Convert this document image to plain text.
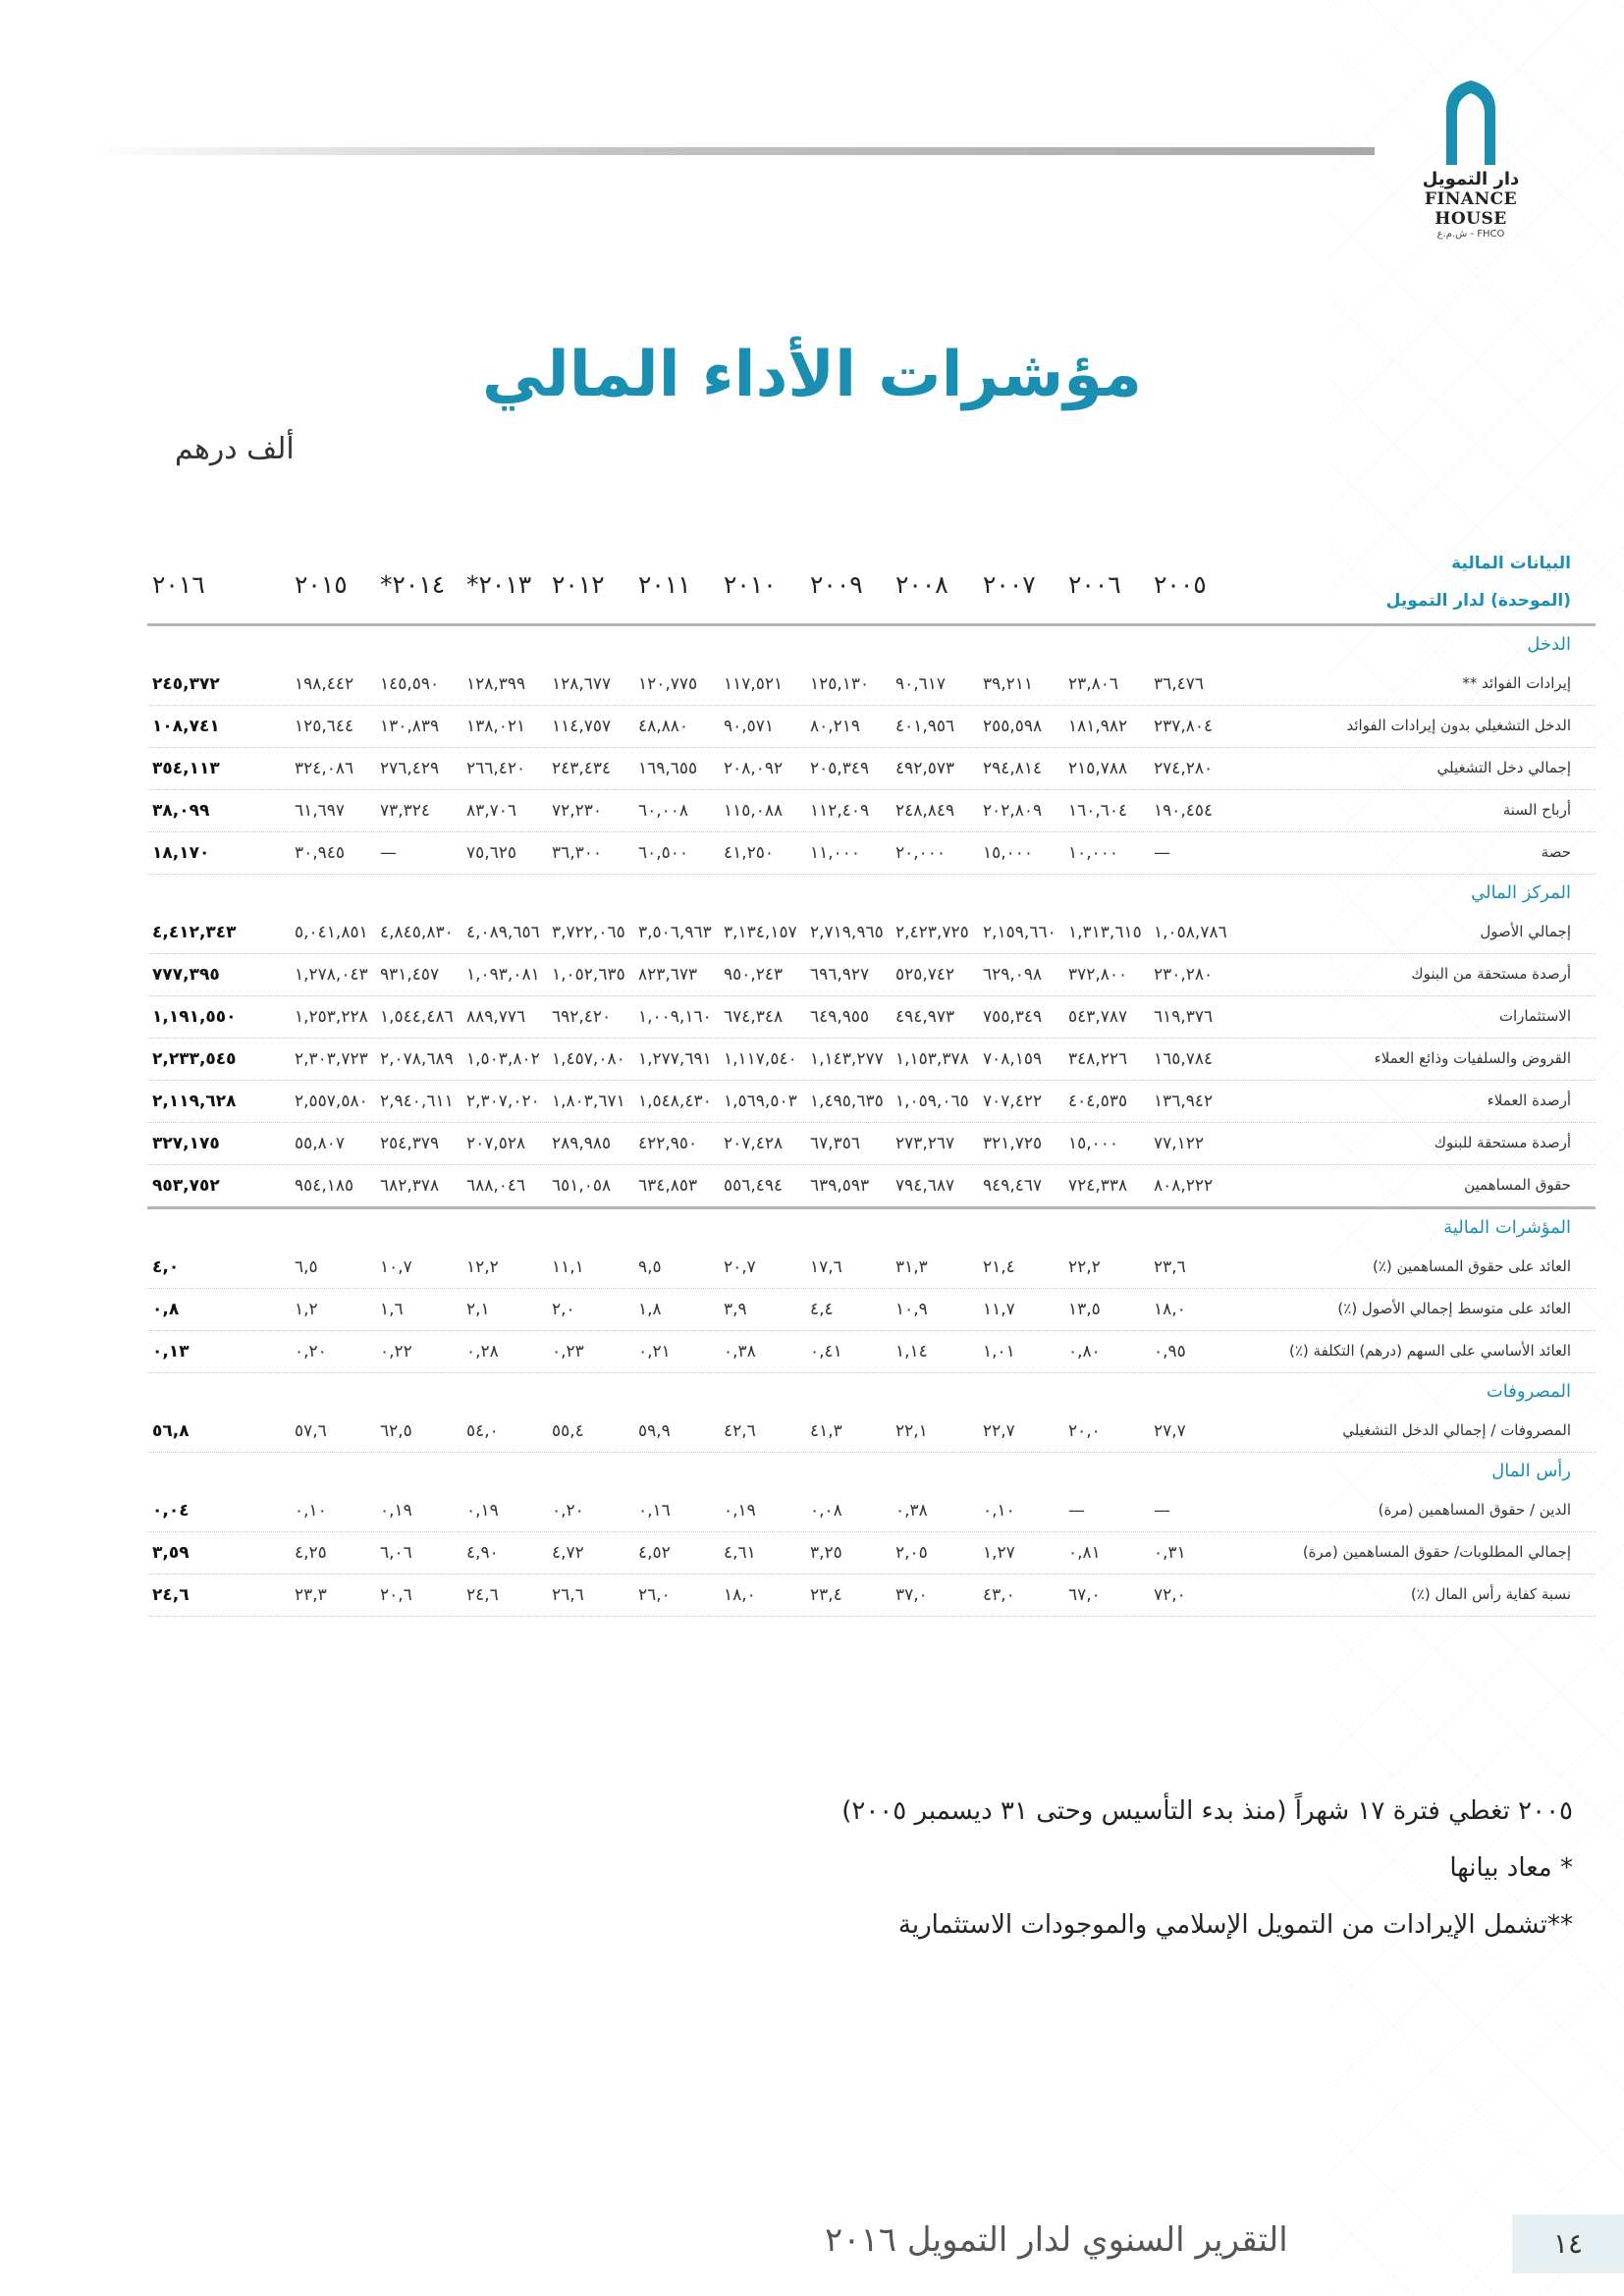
دار التمويل
FINANCE HOUSE
ش.م.ع - FHCO
مؤشرات الأداء المالي
ألف درهم
البيانات المالية
(الموحدة) لدار التمويل
٢٠٠٥
٢٠٠٦
٢٠٠٧
٢٠٠٨
٢٠٠٩
٢٠١٠
٢٠١١
٢٠١٢
٢٠١٣*
٢٠١٤*
٢٠١٥
٢٠١٦
الدخل
إيرادات الفوائد **
٣٦,٤٧٦
٢٣,٨٠٦
٣٩,٢١١
٩٠,٦١٧
١٢٥,١٣٠
١١٧,٥٢١
١٢٠,٧٧٥
١٢٨,٦٧٧
١٢٨,٣٩٩
١٤٥,٥٩٠
١٩٨,٤٤٢
٢٤٥,٣٧٢
الدخل التشغيلي بدون إيرادات الفوائد
٢٣٧,٨٠٤
١٨١,٩٨٢
٢٥٥,٥٩٨
٤٠١,٩٥٦
٨٠,٢١٩
٩٠,٥٧١
٤٨,٨٨٠
١١٤,٧٥٧
١٣٨,٠٢١
١٣٠,٨٣٩
١٢٥,٦٤٤
١٠٨,٧٤١
إجمالي دخل التشغيلي
٢٧٤,٢٨٠
٢١٥,٧٨٨
٢٩٤,٨١٤
٤٩٢,٥٧٣
٢٠٥,٣٤٩
٢٠٨,٠٩٢
١٦٩,٦٥٥
٢٤٣,٤٣٤
٢٦٦,٤٢٠
٢٧٦,٤٢٩
٣٢٤,٠٨٦
٣٥٤,١١٣
أرباح السنة
١٩٠,٤٥٤
١٦٠,٦٠٤
٢٠٢,٨٠٩
٢٤٨,٨٤٩
١١٢,٤٠٩
١١٥,٠٨٨
٦٠,٠٠٨
٧٢,٢٣٠
٨٣,٧٠٦
٧٣,٣٢٤
٦١,٦٩٧
٣٨,٠٩٩
حصة
—
١٠,٠٠٠
١٥,٠٠٠
٢٠,٠٠٠
١١,٠٠٠
٤١,٢٥٠
٦٠,٥٠٠
٣٦,٣٠٠
٧٥,٦٢٥
—
٣٠,٩٤٥
١٨,١٧٠
المركز المالي
إجمالي الأصول
١,٠٥٨,٧٨٦
١,٣١٣,٦١٥
٢,١٥٩,٦٦٠
٢,٤٢٣,٧٢٥
٢,٧١٩,٩٦٥
٣,١٣٤,١٥٧
٣,٥٠٦,٩٦٣
٣,٧٢٢,٠٦٥
٤,٠٨٩,٦٥٦
٤,٨٤٥,٨٣٠
٥,٠٤١,٨٥١
٤,٤١٢,٣٤٣
أرصدة مستحقة من البنوك
٢٣٠,٢٨٠
٣٧٢,٨٠٠
٦٢٩,٠٩٨
٥٢٥,٧٤٢
٦٩٦,٩٢٧
٩٥٠,٢٤٣
٨٢٣,٦٧٣
١,٠٥٢,٦٣٥
١,٠٩٣,٠٨١
٩٣١,٤٥٧
١,٢٧٨,٠٤٣
٧٧٧,٣٩٥
الاستثمارات
٦١٩,٣٧٦
٥٤٣,٧٨٧
٧٥٥,٣٤٩
٤٩٤,٩٧٣
٦٤٩,٩٥٥
٦٧٤,٣٤٨
١,٠٠٩,١٦٠
٦٩٢,٤٢٠
٨٨٩,٧٧٦
١,٥٤٤,٤٨٦
١,٢٥٣,٢٢٨
١,١٩١,٥٥٠
القروض والسلفيات وذائع العملاء
١٦٥,٧٨٤
٣٤٨,٢٢٦
٧٠٨,١٥٩
١,١٥٣,٣٧٨
١,١٤٣,٢٧٧
١,١١٧,٥٤٠
١,٢٧٧,٦٩١
١,٤٥٧,٠٨٠
١,٥٠٣,٨٠٢
٢,٠٧٨,٦٨٩
٢,٣٠٣,٧٢٣
٢,٢٣٣,٥٤٥
أرصدة العملاء
١٣٦,٩٤٢
٤٠٤,٥٣٥
٧٠٧,٤٢٢
١,٠٥٩,٠٦٥
١,٤٩٥,٦٣٥
١,٥٦٩,٥٠٣
١,٥٤٨,٤٣٠
١,٨٠٣,٦٧١
٢,٣٠٧,٠٢٠
٢,٩٤٠,٦١١
٢,٥٥٧,٥٨٠
٢,١١٩,٦٢٨
أرصدة مستحقة للبنوك
٧٧,١٢٢
١٥,٠٠٠
٣٢١,٧٢٥
٢٧٣,٢٦٧
٦٧,٣٥٦
٢٠٧,٤٢٨
٤٢٢,٩٥٠
٢٨٩,٩٨٥
٢٠٧,٥٢٨
٢٥٤,٣٧٩
٥٥,٨٠٧
٣٢٧,١٧٥
حقوق المساهمين
٨٠٨,٢٢٢
٧٢٤,٣٣٨
٩٤٩,٤٦٧
٧٩٤,٦٨٧
٦٣٩,٥٩٣
٥٥٦,٤٩٤
٦٣٤,٨٥٣
٦٥١,٠٥٨
٦٨٨,٠٤٦
٦٨٢,٣٧٨
٩٥٤,١٨٥
٩٥٣,٧٥٢
المؤشرات المالية
العائد على حقوق المساهمين (٪)
٢٣,٦
٢٢,٢
٢١,٤
٣١,٣
١٧,٦
٢٠,٧
٩,٥
١١,١
١٢,٢
١٠,٧
٦,٥
٤,٠
العائد على متوسط إجمالي الأصول (٪)
١٨,٠
١٣,٥
١١,٧
١٠,٩
٤,٤
٣,٩
١,٨
٢,٠
٢,١
١,٦
١,٢
٠,٨
العائد الأساسي على السهم (درهم) التكلفة (٪)
٠,٩٥
٠,٨٠
١,٠١
١,١٤
٠,٤١
٠,٣٨
٠,٢١
٠,٢٣
٠,٢٨
٠,٢٢
٠,٢٠
٠,١٣
المصروفات
المصروفات / إجمالي الدخل التشغيلي
٢٧,٧
٢٠,٠
٢٢,٧
٢٢,١
٤١,٣
٤٢,٦
٥٩,٩
٥٥,٤
٥٤,٠
٦٢,٥
٥٧,٦
٥٦,٨
رأس المال
الدين / حقوق المساهمين (مرة)
—
—
٠,١٠
٠,٣٨
٠,٠٨
٠,١٩
٠,١٦
٠,٢٠
٠,١٩
٠,١٩
٠,١٠
٠,٠٤
إجمالي المطلوبات/ حقوق المساهمين (مرة)
٠,٣١
٠,٨١
١,٢٧
٢,٠٥
٣,٢٥
٤,٦١
٤,٥٢
٤,٧٢
٤,٩٠
٦,٠٦
٤,٢٥
٣,٥٩
نسبة كفاية رأس المال (٪)
٧٢,٠
٦٧,٠
٤٣,٠
٣٧,٠
٢٣,٤
١٨,٠
٢٦,٠
٢٦,٦
٢٤,٦
٢٠,٦
٢٣,٣
٢٤,٦
٢٠٠٥ تغطي فترة ١٧ شهراً (منذ بدء التأسيس وحتى ٣١ ديسمبر ٢٠٠٥)
* معاد بيانها
**تشمل الإيرادات من التمويل الإسلامي والموجودات الاستثمارية
التقرير السنوي لدار التمويل ٢٠١٦	١٤
